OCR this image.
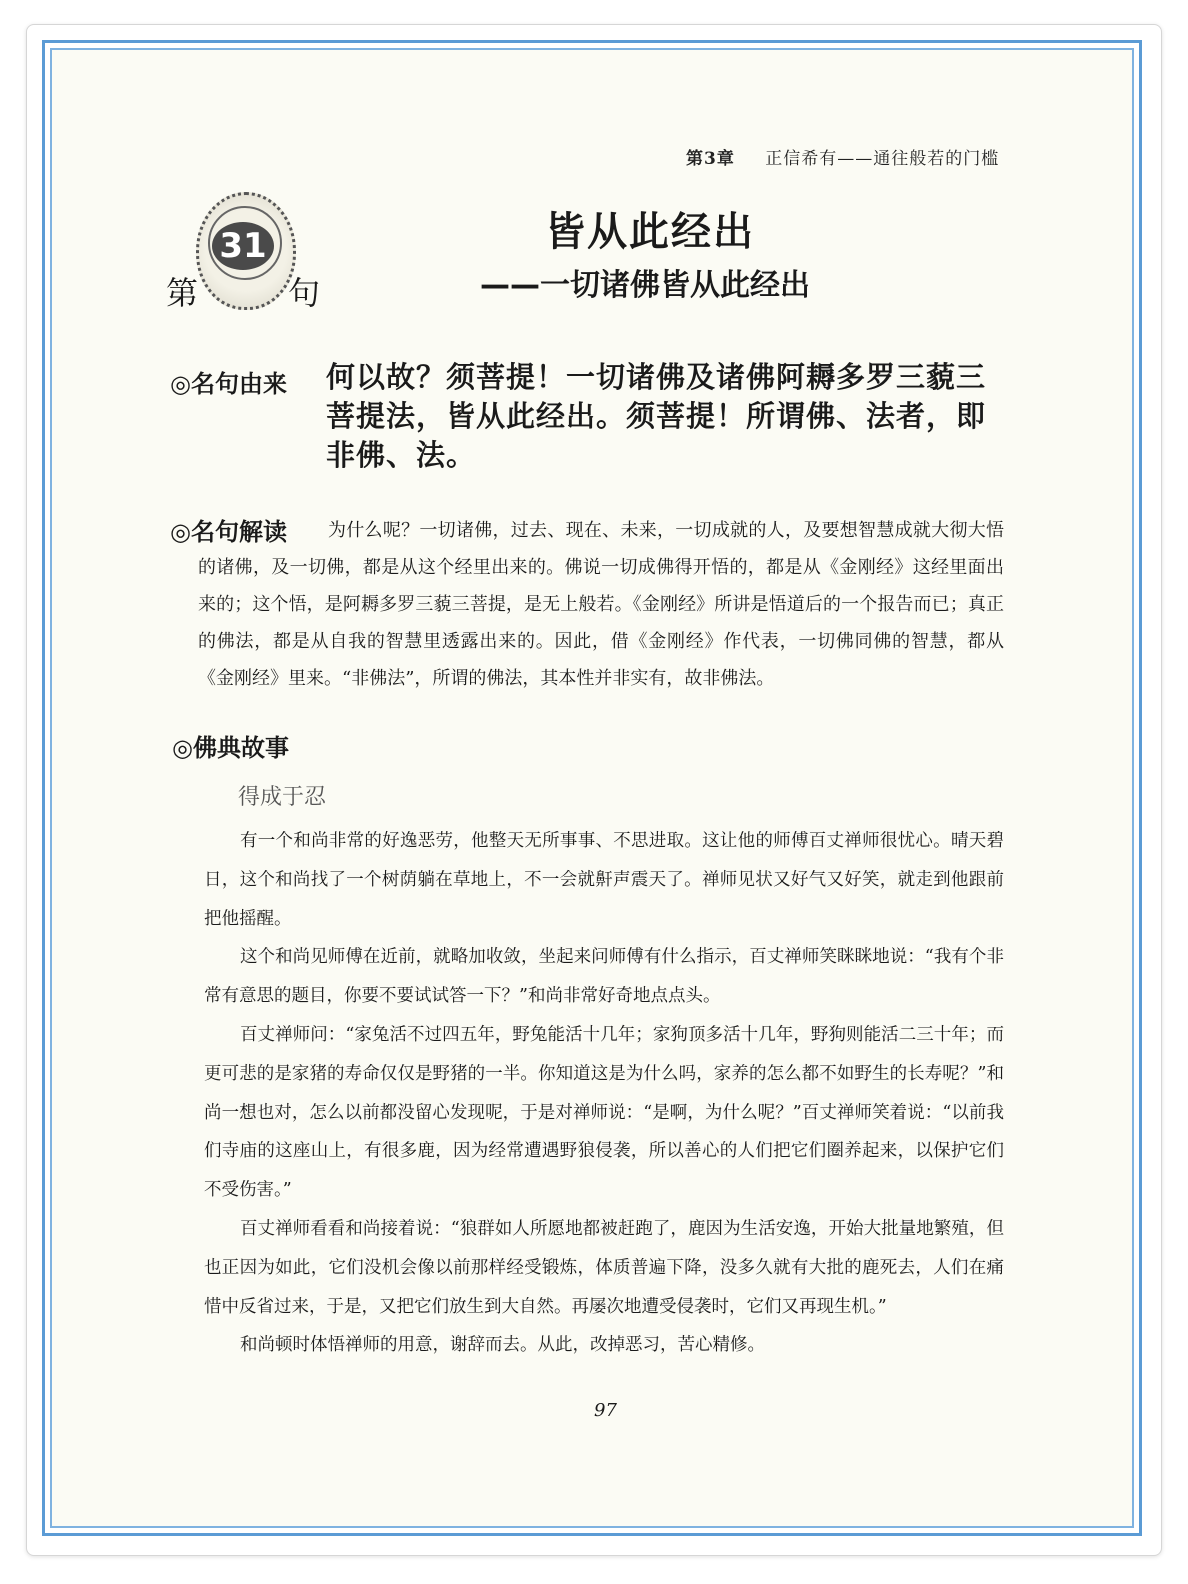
第3章 正信希有——通往般若的门槛
31
第	句
皆从此经出
——一切诸佛皆从此经出
◎名句由来 何以故？须菩提！一切诸佛及诸佛阿耨多罗三藐三菩提法，皆从此经出。须菩提！所谓佛、法者，即非佛、法。
◎名句解读	为什么呢？一切诸佛，过去、现在、未来，一切成就的人，及要想智慧成就大彻大悟的诸佛，及一切佛，都是从这个经里出来的。佛说一切成佛得开悟的，都是从《金刚经》这经里面出来的；这个悟，是阿耨多罗三藐三菩提，是无上般若。《金刚经》所讲是悟道后的一个报告而已；真正的佛法，都是从自我的智慧里透露出来的。因此，借《金刚经》作代表，一切佛同佛的智慧，都从《金刚经》里来。“非佛法”，所谓的佛法，其本性并非实有，故非佛法。
◎佛典故事
得成于忍

有一个和尚非常的好逸恶劳，他整天无所事事、不思进取。这让他的师傅百丈禅师很忧心。晴天碧日，这个和尚找了一个树荫躺在草地上，不一会就鼾声震天了。禅师见状又好气又好笑，就走到他跟前把他摇醒。

这个和尚见师傅在近前，就略加收敛，坐起来问师傅有什么指示，百丈禅师笑眯眯地说：“我有个非常有意思的题目，你要不要试试答一下？”和尚非常好奇地点点头。

百丈禅师问：“家兔活不过四五年，野兔能活十几年；家狗顶多活十几年，野狗则能活二三十年；而更可悲的是家猪的寿命仅仅是野猪的一半。你知道这是为什么吗，家养的怎么都不如野生的长寿呢？”和尚一想也对，怎么以前都没留心发现呢，于是对禅师说：“是啊，为什么呢？”百丈禅师笑着说：“以前我们寺庙的这座山上，有很多鹿，因为经常遭遇野狼侵袭，所以善心的人们把它们圈养起来，以保护它们不受伤害。”

百丈禅师看看和尚接着说：“狼群如人所愿地都被赶跑了，鹿因为生活安逸，开始大批量地繁殖，但也正因为如此，它们没机会像以前那样经受锻炼，体质普遍下降，没多久就有大批的鹿死去，人们在痛惜中反省过来，于是，又把它们放生到大自然。再屡次地遭受侵袭时，它们又再现生机。”

和尚顿时体悟禅师的用意，谢辞而去。从此，改掉恶习，苦心精修。

97
